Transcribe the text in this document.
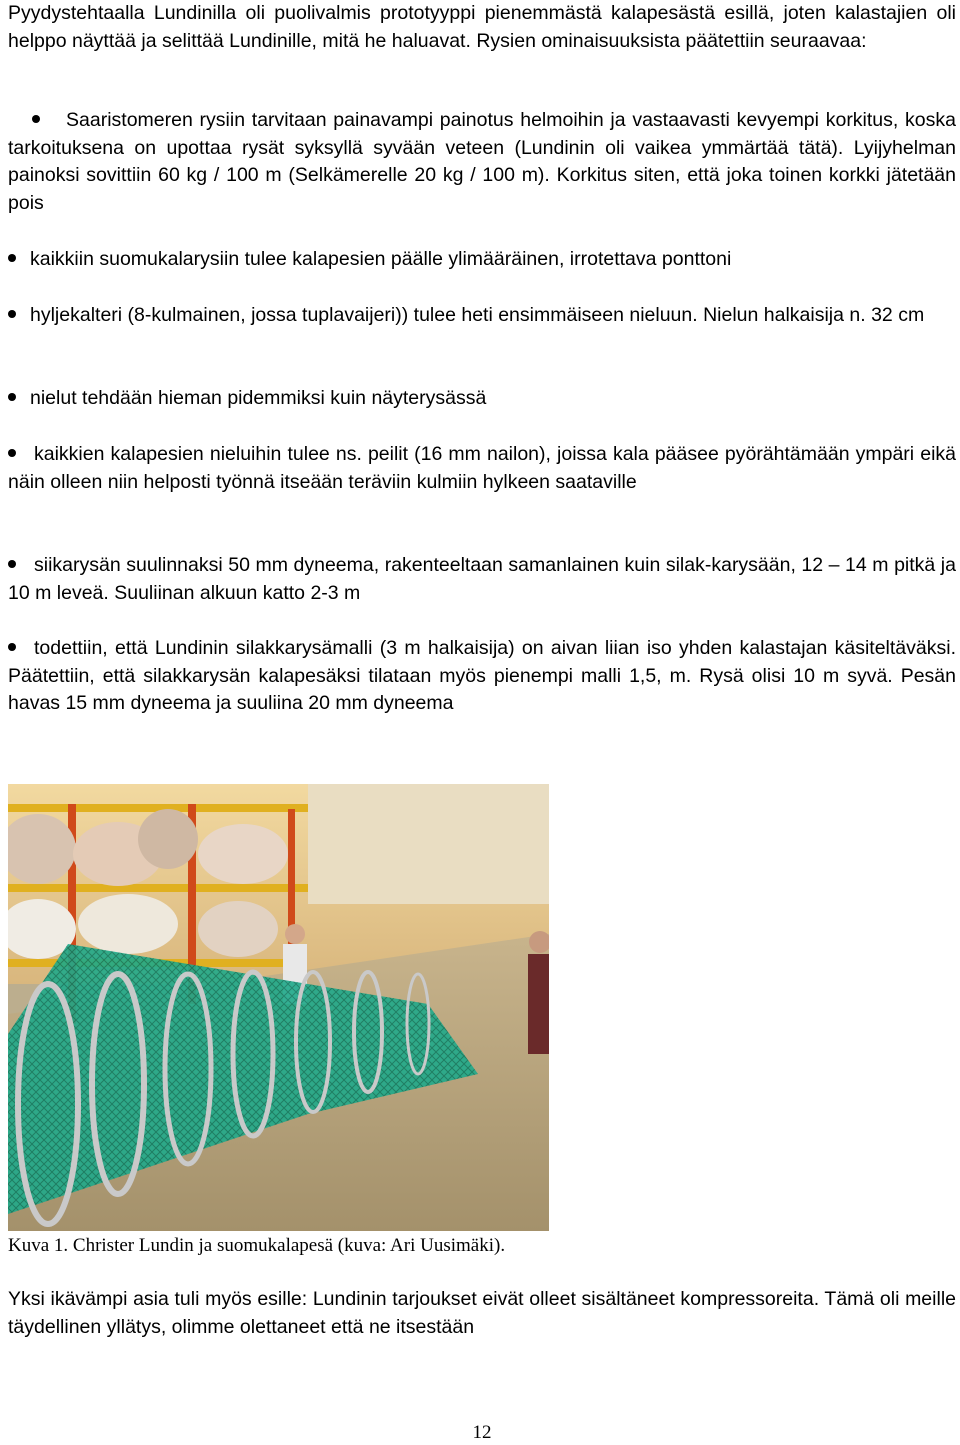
Pyydystehtaalla Lundinilla oli puolivalmis prototyyppi pienemmästä kalapesästä esillä, joten kalastajien oli helppo näyttää ja selittää Lundinille, mitä he haluavat. Rysien ominaisuuksista päätettiin seuraavaa:

Saaristomeren rysiin tarvitaan painavampi painotus helmoihin ja vastaavasti kevyempi korkitus, koska tarkoituksena on upottaa rysät syksyllä syvään veteen (Lundinin oli vaikea ymmärtää tätä). Lyijyhelman painoksi sovittiin 60 kg / 100 m (Selkämerelle 20 kg / 100 m). Korkitus siten, että joka toinen korkki jätetään pois
kaikkiin suomukalarysiin tulee kalapesien päälle ylimääräinen, irrotettava ponttoni
hyljekalteri (8-kulmainen, jossa tuplavaijeri)) tulee heti ensimmäiseen nieluun. Nielun halkaisija n. 32 cm
nielut tehdään hieman pidemmiksi kuin näyterysässä
kaikkien kalapesien nieluihin tulee ns. peilit (16 mm nailon), joissa kala pääsee pyörähtämään ympäri eikä näin olleen niin helposti työnnä itseään teräviin kulmiin hylkeen saataville
siikarysän suulinnaksi 50 mm dyneema, rakenteeltaan samanlainen kuin silak-karysään, 12 – 14 m pitkä ja 10 m leveä. Suuliinan alkuun katto 2-3 m
todettiin, että Lundinin silakkarysämalli (3 m halkaisija) on aivan liian iso yhden kalastajan käsiteltäväksi. Päätettiin, että silakkarysän kalapesäksi tilataan myös pienempi malli 1,5, m. Rysä olisi 10 m syvä. Pesän havas 15 mm dyneema ja suuliina 20 mm dyneema
Kuva 1. Christer Lundin ja suomukalapesä (kuva: Ari Uusimäki).

Yksi ikävämpi asia tuli myös esille: Lundinin tarjoukset eivät olleet sisältäneet kompressoreita. Tämä oli meille täydellinen yllätys, olimme olettaneet että ne itsestään

12
